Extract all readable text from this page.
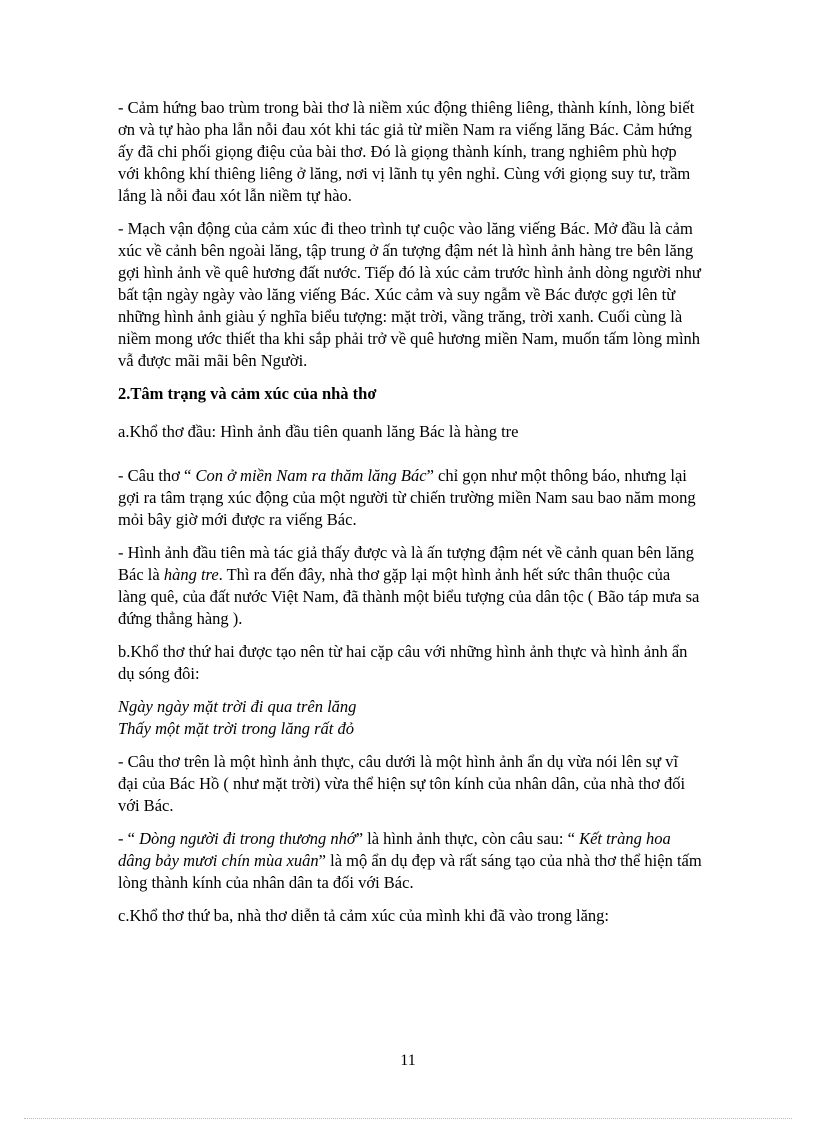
- Cảm hứng bao trùm trong bài thơ là niềm xúc động thiêng liêng, thành kính, lòng biết ơn và tự hào pha lẫn nỗi đau xót khi tác giả từ miền Nam ra viếng lăng Bác. Cảm hứng ấy đã chi phối giọng điệu của bài thơ. Đó là giọng thành kính, trang nghiêm phù hợp với không khí thiêng liêng ở lăng, nơi vị lãnh tụ yên nghỉ. Cùng với giọng suy tư, trầm lắng là nỗi đau xót lẫn niềm tự hào.

- Mạch vận động của cảm xúc đi theo trình tự cuộc vào lăng viếng Bác. Mở đầu là cảm xúc về cảnh bên ngoài lăng, tập trung ở ấn tượng đậm nét là hình ảnh hàng tre bên lăng gợi hình ảnh về quê hương đất nước. Tiếp đó là xúc cảm trước hình ảnh dòng người như bất tận ngày ngày vào lăng viếng Bác. Xúc cảm và suy ngẫm về Bác được gợi lên từ những hình ảnh giàu ý nghĩa biểu tượng: mặt trời, vầng trăng, trời xanh. Cuối cùng là niềm mong ước thiết tha khi sắp phải trở về quê hương miền Nam, muốn tấm lòng mình vẫ được mãi mãi bên Người.

2.Tâm trạng và cảm xúc của nhà thơ

a.Khổ thơ đầu: Hình ảnh đầu tiên quanh lăng Bác là hàng tre

- Câu thơ “ Con ở miền Nam ra thăm lăng Bác” chỉ gọn như một thông báo, nhưng lại gợi ra tâm trạng xúc động của một người từ chiến trường miền Nam sau bao năm mong mỏi bây giờ mới được ra viếng Bác.

- Hình ảnh đầu tiên mà tác giả thấy được và là ấn tượng đậm nét về cảnh quan bên lăng Bác là hàng tre. Thì ra đến đây, nhà thơ gặp lại một hình ảnh hết sức thân thuộc của làng quê, của đất nước Việt Nam, đã thành một biểu tượng của dân tộc ( Bão táp mưa sa đứng thẳng hàng ).

b.Khổ thơ thứ hai được tạo nên từ hai cặp câu với những hình ảnh thực và hình ảnh ẩn dụ sóng đôi:

Ngày ngày mặt trời đi qua trên lăng
Thấy một mặt trời trong lăng rất đỏ

- Câu thơ trên là một hình ảnh thực, câu dưới là một hình ảnh ẩn dụ vừa nói lên sự vĩ đại của Bác Hồ ( như mặt trời) vừa thể hiện sự tôn kính của nhân dân, của nhà thơ đối với Bác.

- “ Dòng người đi trong thương nhớ” là hình ảnh thực, còn câu sau: “ Kết tràng hoa dâng bảy mươi chín mùa xuân” là mộ ẩn dụ đẹp và rất sáng tạo của nhà thơ thể hiện tấm lòng thành kính của nhân dân ta đối với Bác.

c.Khổ thơ thứ ba, nhà thơ diễn tả cảm xúc của mình khi đã vào trong lăng:

11
